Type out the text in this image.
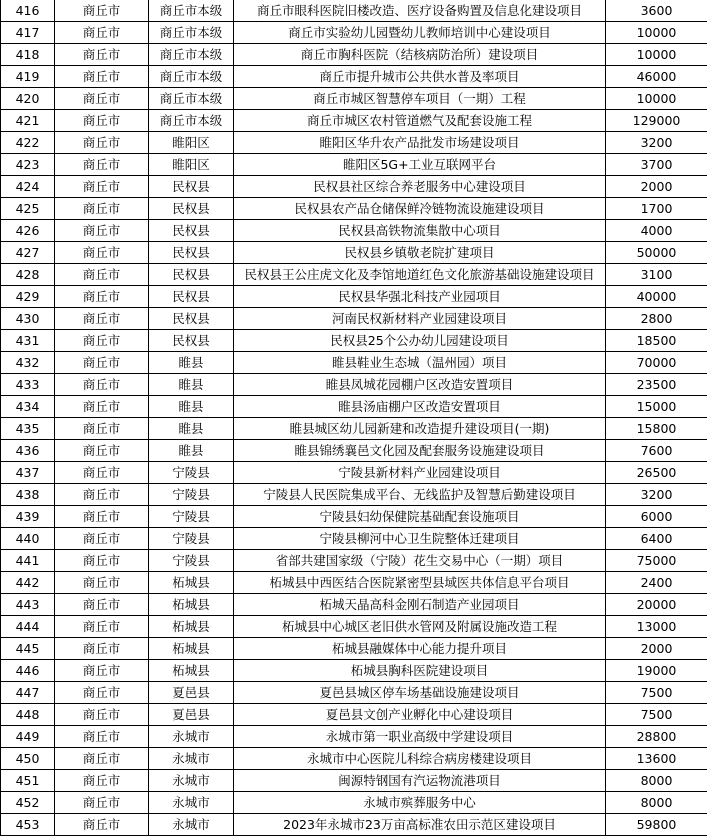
416	商丘市	商丘市本级	商丘市眼科医院旧楼改造、医疗设备购置及信息化建设项目	3600
417	商丘市	商丘市本级	商丘市实验幼儿园暨幼儿教师培训中心建设项目	10000
418	商丘市	商丘市本级	商丘市胸科医院（结核病防治所）建设项目	10000
419	商丘市	商丘市本级	商丘市提升城市公共供水普及率项目	46000
420	商丘市	商丘市本级	商丘市城区智慧停车项目（一期）工程	10000
421	商丘市	商丘市本级	商丘市城区农村管道燃气及配套设施工程	129000
422	商丘市	睢阳区	睢阳区华升农产品批发市场建设项目	3200
423	商丘市	睢阳区	睢阳区5G+工业互联网平台	3700
424	商丘市	民权县	民权县社区综合养老服务中心建设项目	2000
425	商丘市	民权县	民权县农产品仓储保鲜冷链物流设施建设项目	1700
426	商丘市	民权县	民权县高铁物流集散中心项目	4000
427	商丘市	民权县	民权县乡镇敬老院扩建项目	50000
428	商丘市	民权县	民权县王公庄虎文化及李馆地道红色文化旅游基础设施建设项目	3100
429	商丘市	民权县	民权县华强北科技产业园项目	40000
430	商丘市	民权县	河南民权新材料产业园建设项目	2800
431	商丘市	民权县	民权县25个公办幼儿园建设项目	18500
432	商丘市	睢县	睢县鞋业生态城（温州园）项目	70000
433	商丘市	睢县	睢县凤城花园棚户区改造安置项目	23500
434	商丘市	睢县	睢县汤庙棚户区改造安置项目	15000
435	商丘市	睢县	睢县城区幼儿园新建和改造提升建设项目(一期)	15800
436	商丘市	睢县	睢县锦绣襄邑文化园及配套服务设施建设项目	7600
437	商丘市	宁陵县	宁陵县新材料产业园建设项目	26500
438	商丘市	宁陵县	宁陵县人民医院集成平台、无线监护及智慧后勤建设项目	3200
439	商丘市	宁陵县	宁陵县妇幼保健院基础配套设施项目	6000
440	商丘市	宁陵县	宁陵县柳河中心卫生院整体迁建项目	6400
441	商丘市	宁陵县	省部共建国家级（宁陵）花生交易中心（一期）项目	75000
442	商丘市	柘城县	柘城县中西医结合医院紧密型县域医共体信息平台项目	2400
443	商丘市	柘城县	柘城天晶高科金刚石制造产业园项目	20000
444	商丘市	柘城县	柘城县中心城区老旧供水管网及附属设施改造工程	13000
445	商丘市	柘城县	柘城县融媒体中心能力提升项目	2000
446	商丘市	柘城县	柘城县胸科医院建设项目	19000
447	商丘市	夏邑县	夏邑县城区停车场基础设施建设项目	7500
448	商丘市	夏邑县	夏邑县文创产业孵化中心建设项目	7500
449	商丘市	永城市	永城市第一职业高级中学建设项目	28800
450	商丘市	永城市	永城市中心医院儿科综合病房楼建设项目	13600
451	商丘市	永城市	闽源特钢国有汽运物流港项目	8000
452	商丘市	永城市	永城市殡葬服务中心	8000
453	商丘市	永城市	2023年永城市23万亩高标准农田示范区建设项目	59800
